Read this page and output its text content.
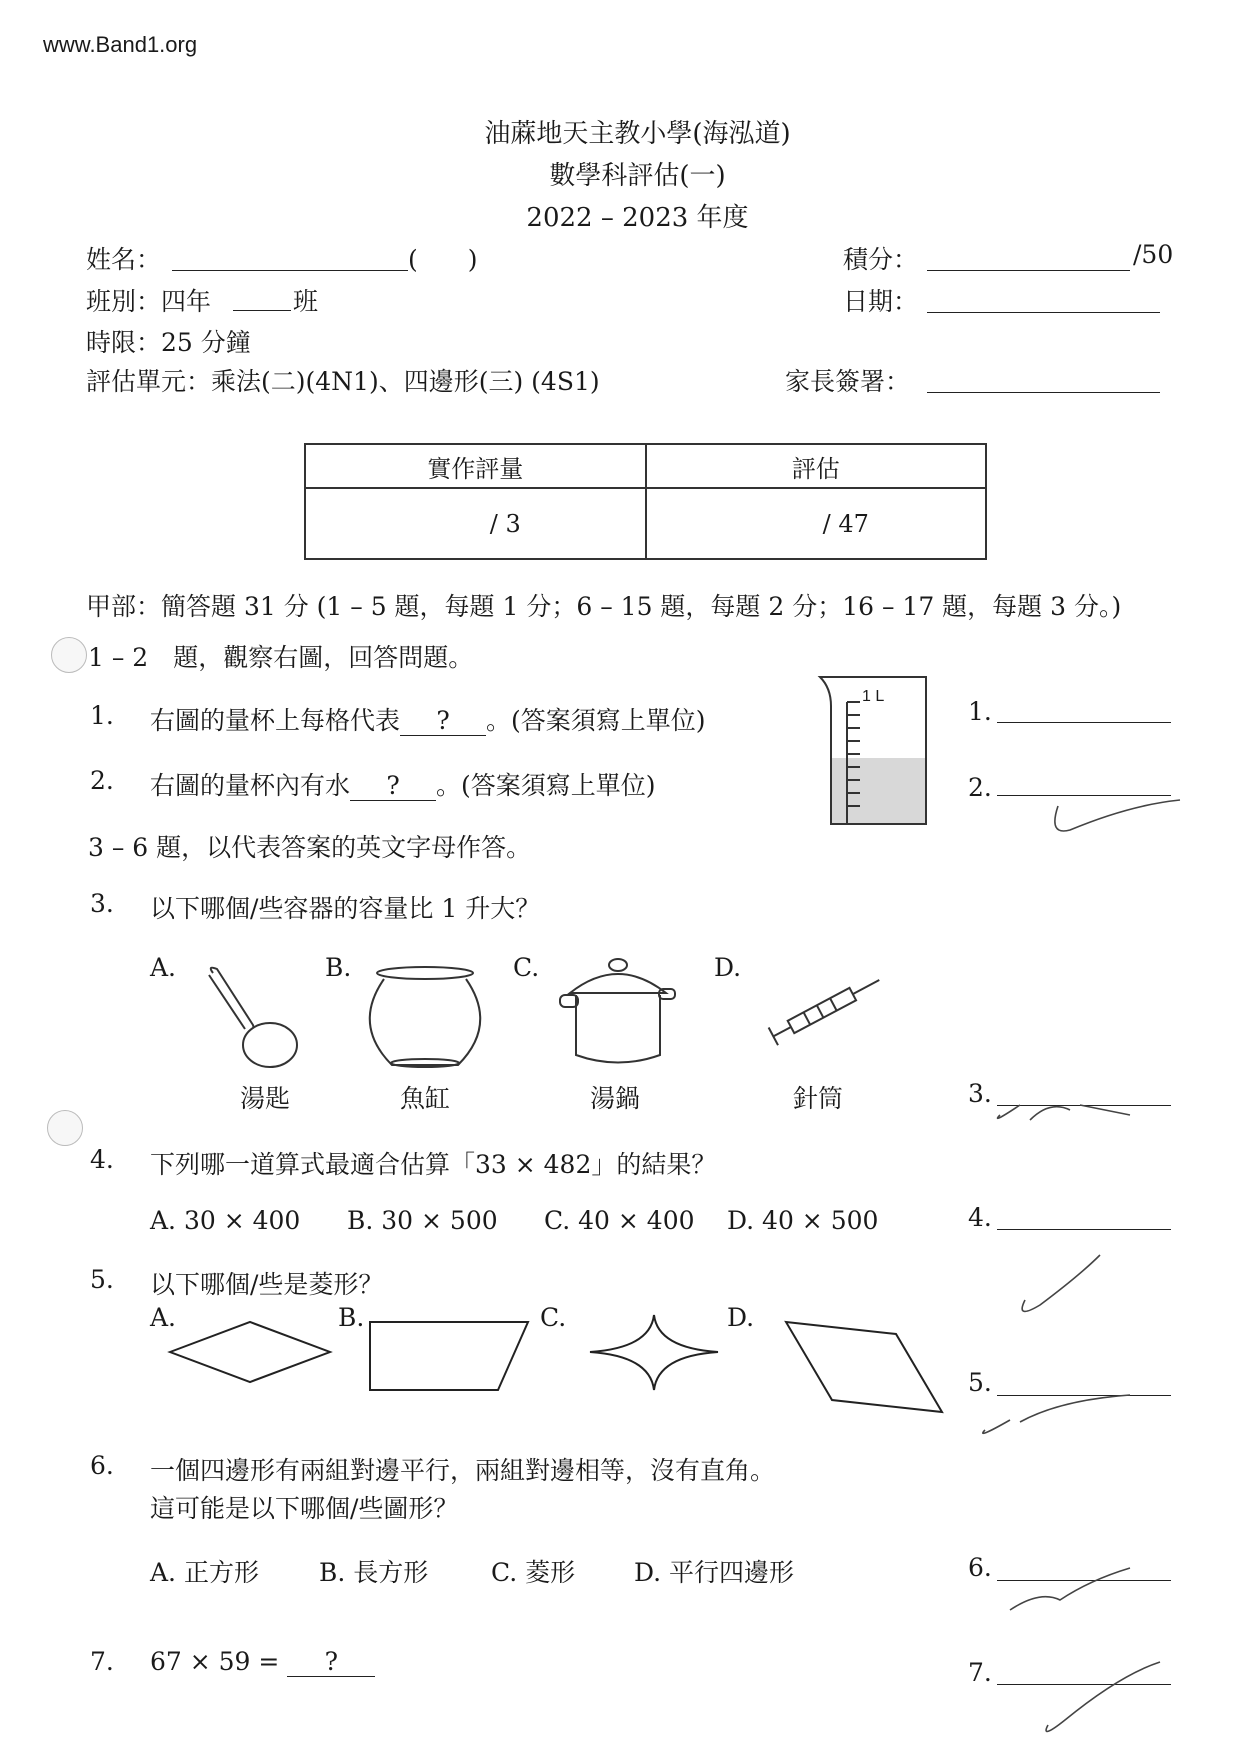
www.Band1.org
油蔴地天主教小學(海泓道)
數學科評估(一)
2022 – 2023 年度
姓名：	(　　)	積分：	/50
班別：四年	班	日期：
時限：25 分鐘
評估單元：乘法(二)(4N1)、四邊形(三) (4S1)	家長簽署：
實作評量	評估
/ 3	/ 47
甲部：簡答題 31 分 (1 – 5 題，每題 1 分；6 – 15 題，每題 2 分；16 – 17 題，每題 3 分。)
1 – 2　題，觀察右圖，回答問題。
1. 右圖的量杯上每格代表 ? 。(答案須寫上單位)
2. 右圖的量杯內有水 ? 。(答案須寫上單位)
1 L
3 – 6 題，以代表答案的英文字母作答。
3. 以下哪個/些容器的容量比 1 升大？
A.	B.	C.	D.
湯匙	魚缸	湯鍋	針筒
4. 下列哪一道算式最適合估算「33 × 482」的結果？
A. 30 × 400 B. 30 × 500 C. 40 × 400 D. 40 × 500
5. 以下哪個/些是菱形？
A.	B.	C.	D.
6. 一個四邊形有兩組對邊平行，兩組對邊相等，沒有直角。
這可能是以下哪個/些圖形？
A. 正方形 B. 長方形	C. 菱形 D. 平行四邊形
7. 67 × 59 = ?
1.
2.
3.
4.
5.
6.
7.
